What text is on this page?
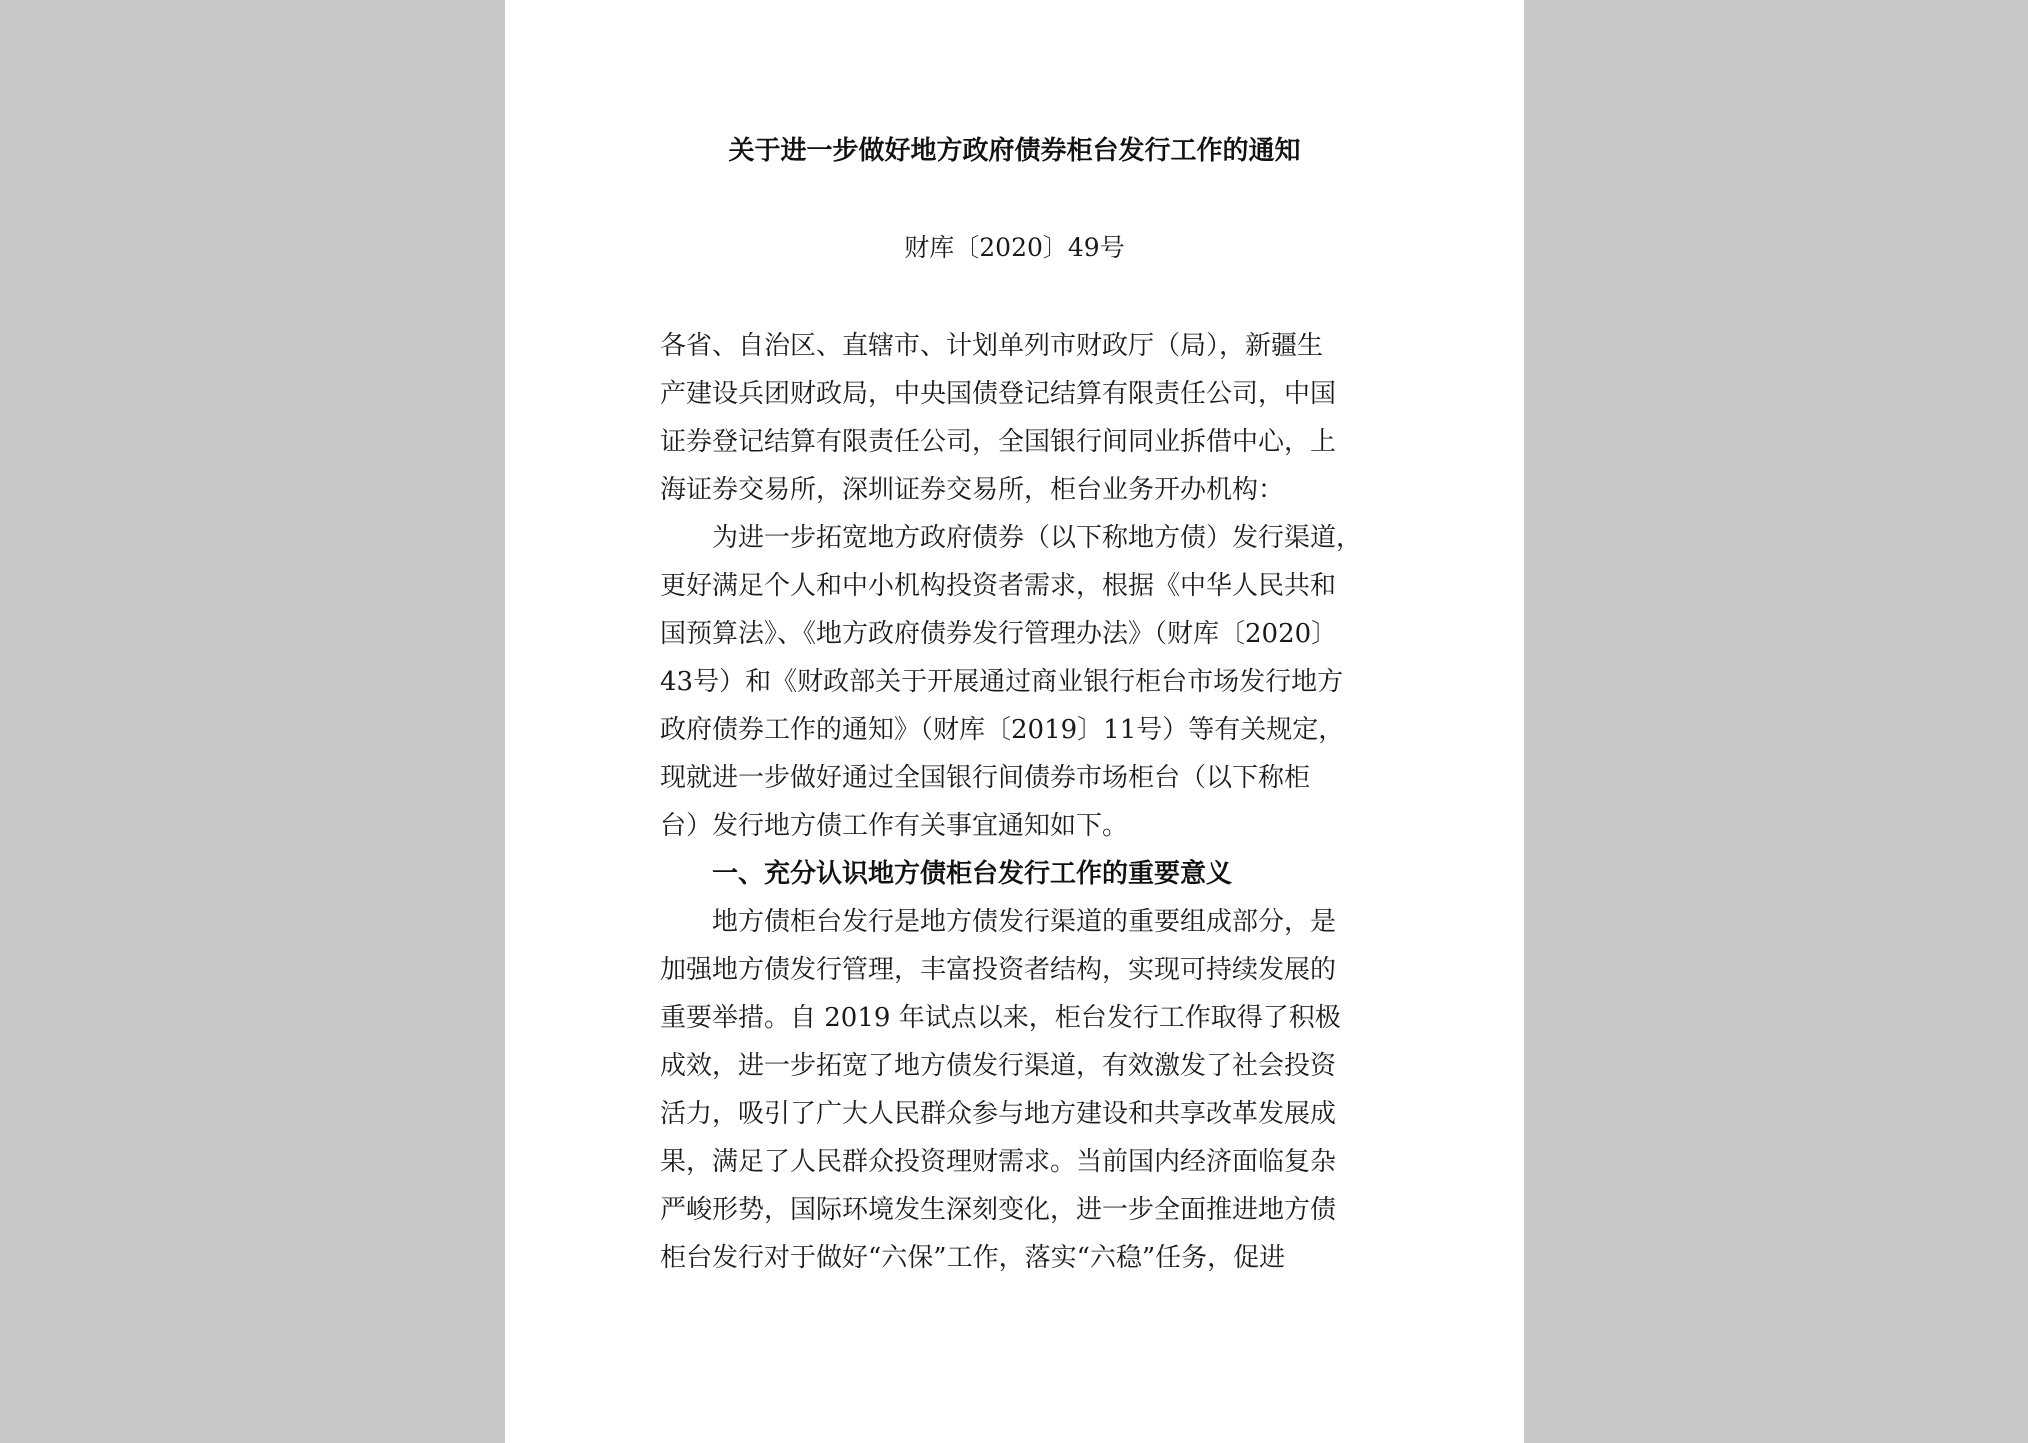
关于进一步做好地方政府债券柜台发行工作的通知
财库〔2020〕49号
各省、自治区、直辖市、计划单列市财政厅（局），新疆生
产建设兵团财政局，中央国债登记结算有限责任公司，中国
证券登记结算有限责任公司，全国银行间同业拆借中心，上
海证券交易所，深圳证券交易所，柜台业务开办机构：
为进一步拓宽地方政府债券（以下称地方债）发行渠道，
更好满足个人和中小机构投资者需求，根据《中华人民共和
国预算法》、《地方政府债券发行管理办法》（财库〔2020〕
43号）和《财政部关于开展通过商业银行柜台市场发行地方
政府债券工作的通知》（财库〔2019〕11号）等有关规定，
现就进一步做好通过全国银行间债券市场柜台（以下称柜
台）发行地方债工作有关事宜通知如下。
一、充分认识地方债柜台发行工作的重要意义
地方债柜台发行是地方债发行渠道的重要组成部分，是
加强地方债发行管理，丰富投资者结构，实现可持续发展的
重要举措。自 2019 年试点以来，柜台发行工作取得了积极
成效，进一步拓宽了地方债发行渠道，有效激发了社会投资
活力，吸引了广大人民群众参与地方建设和共享改革发展成
果，满足了人民群众投资理财需求。当前国内经济面临复杂
严峻形势，国际环境发生深刻变化，进一步全面推进地方债
柜台发行对于做好“六保”工作，落实“六稳”任务，促进
